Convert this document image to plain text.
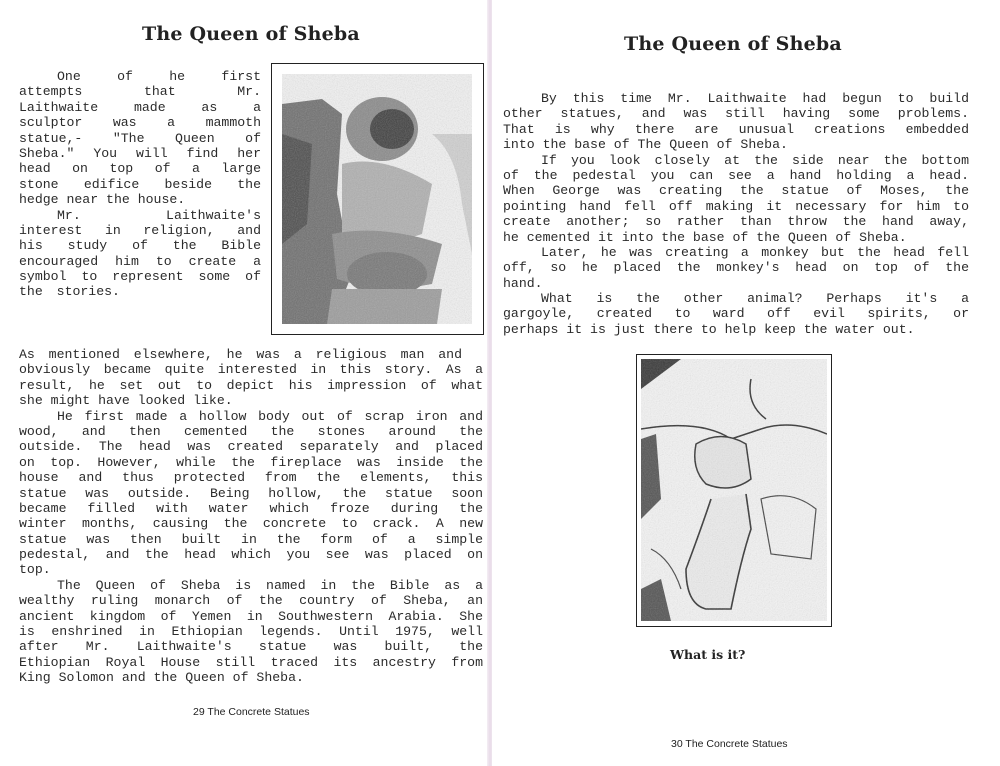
The Queen of Sheba
One of he first
attempts that Mr.
Laithwaite made as a
sculptor was a mammoth
statue,- "The Queen of
Sheba." You will find her
head on top of a large
stone edifice beside the
hedge near the house.
Mr. Laithwaite's
interest in religion, and
his study of the Bible
encouraged him to create a
symbol to represent some of
the stories.
As mentioned elsewhere, he was a religious man and
obviously became quite interested in this story. As a
result, he set out to depict his impression of what
she might have looked like.
He first made a hollow body out of scrap iron and
wood, and then cemented the stones around the
outside. The head was created separately and placed
on top. However, while the fireplace was inside the
house and thus protected from the elements, this
statue was outside. Being hollow, the statue soon
became filled with water which froze during the
winter months, causing the concrete to crack. A new
statue was then built in the form of a simple
pedestal, and the head which you see was placed on
top.
The Queen of Sheba is named in the Bible as a
wealthy ruling monarch of the country of Sheba, an
ancient kingdom of Yemen in Southwestern Arabia. She
is enshrined in Ethiopian legends. Until 1975, well
after Mr. Laithwaite's statue was built, the
Ethiopian Royal House still traced its ancestry from
King Solomon and the Queen of Sheba.
29 The Concrete Statues
The Queen of Sheba
By this time Mr. Laithwaite had begun to build
other statues, and was still having some problems.
That is why there are unusual creations embedded
into the base of The Queen of Sheba.
If you look closely at the side near the bottom
of the pedestal you can see a hand holding a head.
When George was creating the statue of Moses, the
pointing hand fell off making it necessary for him to
create another; so rather than throw the hand away,
he cemented it into the base of the Queen of Sheba.
Later, he was creating a monkey but the head fell
off, so he placed the monkey's head on top of the
hand.
What is the other animal? Perhaps it's a
gargoyle, created to ward off evil spirits, or
perhaps it is just there to help keep the water out.
What is it?
30 The Concrete Statues
